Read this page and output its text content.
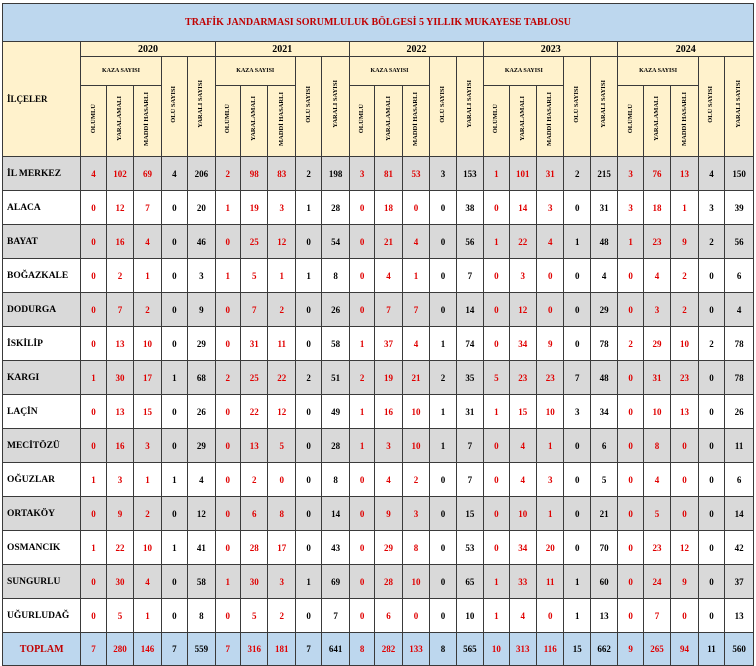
TRAFİK JANDARMASI SORUMLULUK BÖLGESİ 5 YILLIK MUKAYESE TABLOSU																									
İLÇELER	2020					2021					2022					2023					2024				
	KAZA SAYISI			ÖLÜ SAYISI	YARALI SAYISI	KAZA SAYISI			ÖLÜ SAYISI	YARALI SAYISI	KAZA SAYISI			ÖLÜ SAYISI	YARALI SAYISI	KAZA SAYISI			ÖLÜ SAYISI	YARALI SAYISI	KAZA SAYISI			ÖLÜ SAYISI	YARALI SAYISI
	ÖLÜMLÜ	YARALAMALI	MADDİ HASARLI			ÖLÜMLÜ	YARALAMALI	MADDİ HASARLI			ÖLÜMLÜ	YARALAMALI	MADDİ HASARLI			ÖLÜMLÜ	YARALAMALI	MADDİ HASARLI			ÖLÜMLÜ	YARALAMALI	MADDİ HASARLI		
İL MERKEZ	4	102	69	4	206	2	98	83	2	198	3	81	53	3	153	1	101	31	2	215	3	76	13	4	150
ALACA	0	12	7	0	20	1	19	3	1	28	0	18	0	0	38	0	14	3	0	31	3	18	1	3	39
BAYAT	0	16	4	0	46	0	25	12	0	54	0	21	4	0	56	1	22	4	1	48	1	23	9	2	56
BOĞAZKALE	0	2	1	0	3	1	5	1	1	8	0	4	1	0	7	0	3	0	0	4	0	4	2	0	6
DODURGA	0	7	2	0	9	0	7	2	0	26	0	7	7	0	14	0	12	0	0	29	0	3	2	0	4
İSKİLİP	0	13	10	0	29	0	31	11	0	58	1	37	4	1	74	0	34	9	0	78	2	29	10	2	78
KARGI	1	30	17	1	68	2	25	22	2	51	2	19	21	2	35	5	23	23	7	48	0	31	23	0	78
LAÇİN	0	13	15	0	26	0	22	12	0	49	1	16	10	1	31	1	15	10	3	34	0	10	13	0	26
MECİTÖZÜ	0	16	3	0	29	0	13	5	0	28	1	3	10	1	7	0	4	1	0	6	0	8	0	0	11
OĞUZLAR	1	3	1	1	4	0	2	0	0	8	0	4	2	0	7	0	4	3	0	5	0	4	0	0	6
ORTAKÖY	0	9	2	0	12	0	6	8	0	14	0	9	3	0	15	0	10	1	0	21	0	5	0	0	14
OSMANCIK	1	22	10	1	41	0	28	17	0	43	0	29	8	0	53	0	34	20	0	70	0	23	12	0	42
SUNGURLU	0	30	4	0	58	1	30	3	1	69	0	28	10	0	65	1	33	11	1	60	0	24	9	0	37
UĞURLUDAĞ	0	5	1	0	8	0	5	2	0	7	0	6	0	0	10	1	4	0	1	13	0	7	0	0	13
TOPLAM	7	280	146	7	559	7	316	181	7	641	8	282	133	8	565	10	313	116	15	662	9	265	94	11	560
